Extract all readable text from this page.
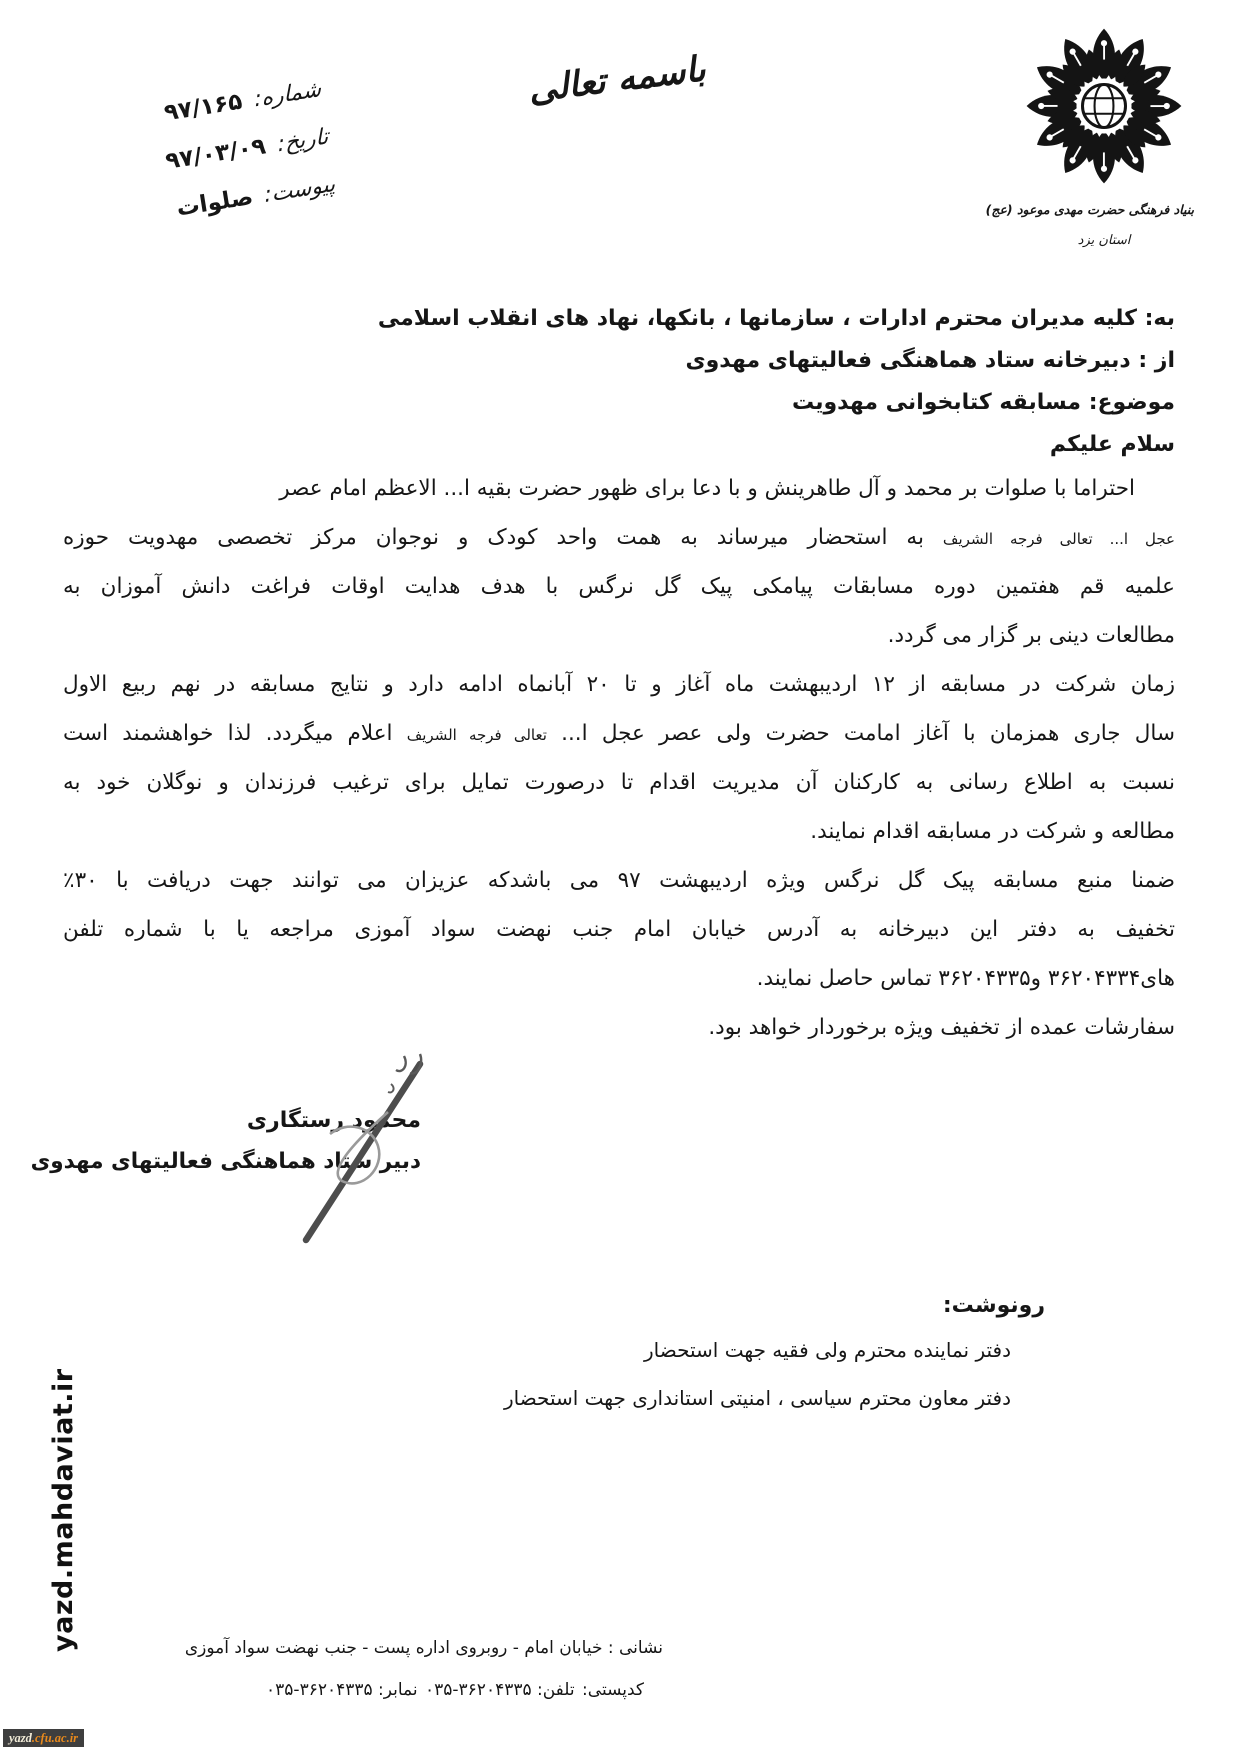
شماره:
۹۷/۱۶۵
تاریخ:
۹۷/۰۳/۰۹
پیوست:
صلوات
باسمه تعالی
بنیاد فرهنگی حضرت مهدی موعود (عج)
استان یزد
به: کلیه مدیران محترم ادارات ، سازمانها ، بانکها، نهاد های انقلاب اسلامی
از : دبیرخانه ستاد هماهنگی فعالیتهای مهدوی
موضوع: مسابقه کتابخوانی مهدویت
سلام علیکم
احتراما با صلوات بر محمد و آل طاهرینش و با دعا برای ظهور حضرت بقیه ا... الاعظم امام عصر
عجل ا... تعالی فرجه الشریف به استحضار میرساند به همت واحد کودک و نوجوان مرکز تخصصی مهدویت حوزه
علمیه قم هفتمین دوره مسابقات پیامکی پیک گل نرگس با هدف هدایت اوقات فراغت دانش آموزان به
مطالعات دینی بر گزار می گردد.
زمان شرکت در مسابقه از ۱۲ اردیبهشت ماه آغاز و تا ۲۰ آبانماه ادامه دارد و نتایج مسابقه در نهم ربیع الاول
سال جاری همزمان با آغاز امامت حضرت ولی عصر عجل ا... تعالی فرجه الشریف اعلام میگردد. لذا خواهشمند است
نسبت به اطلاع رسانی به کارکنان آن مدیریت اقدام تا درصورت تمایل برای ترغیب فرزندان و نوگلان خود به
مطالعه و شرکت در مسابقه اقدام نمایند.
ضمنا منبع مسابقه پیک گل نرگس ویژه اردیبهشت ۹۷ می باشدکه عزیزان می توانند جهت دریافت با ۳۰٪
تخفیف به دفتر این دبیرخانه به آدرس خیابان امام جنب نهضت سواد آموزی مراجعه یا با شماره تلفن
های۳۶۲۰۴۳۳۴ و۳۶۲۰۴۳۳۵ تماس حاصل نمایند.
سفارشات عمده از تخفیف ویژه برخوردار خواهد بود.
محمود رستگاری
دبیر ستاد هماهنگی فعالیتهای مهدوی
رونوشت:
دفتر نماینده محترم ولی فقیه جهت استحضار
دفتر معاون محترم سیاسی ، امنیتی استانداری جهت استحضار
نشانی : خیابان امام - روبروی اداره پست - جنب نهضت سواد آموزی
کدپستی:
تلفن: ۳۶۲۰۴۳۳۵-۰۳۵
نمابر: ۳۶۲۰۴۳۳۵-۰۳۵
yazd.mahdaviat.ir
yazd .cfu.ac.ir
